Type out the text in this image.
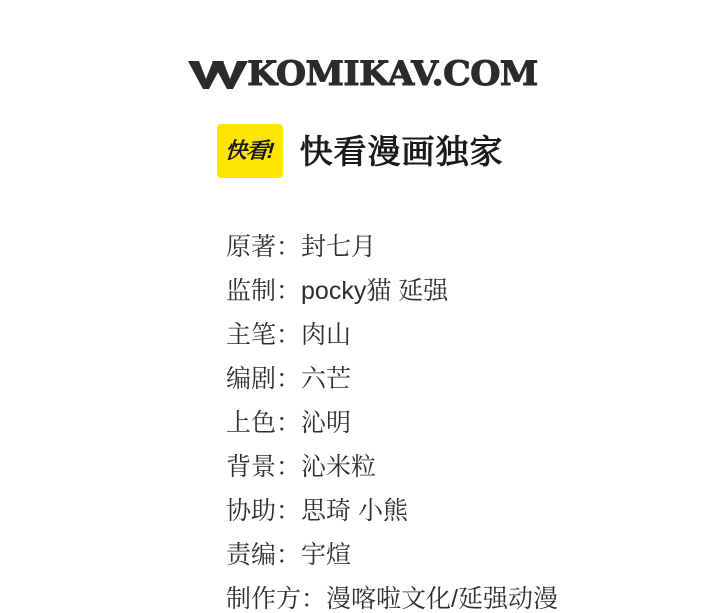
KOMIKAV.COM
快看! 快看漫画独家
原著：封七月
监制：pocky猫 延强
主笔：肉山
编剧：六芒
上色：沁明
背景：沁米粒
协助：思琦 小熊
责编：宇煊
制作方：漫喀啦文化/延强动漫
